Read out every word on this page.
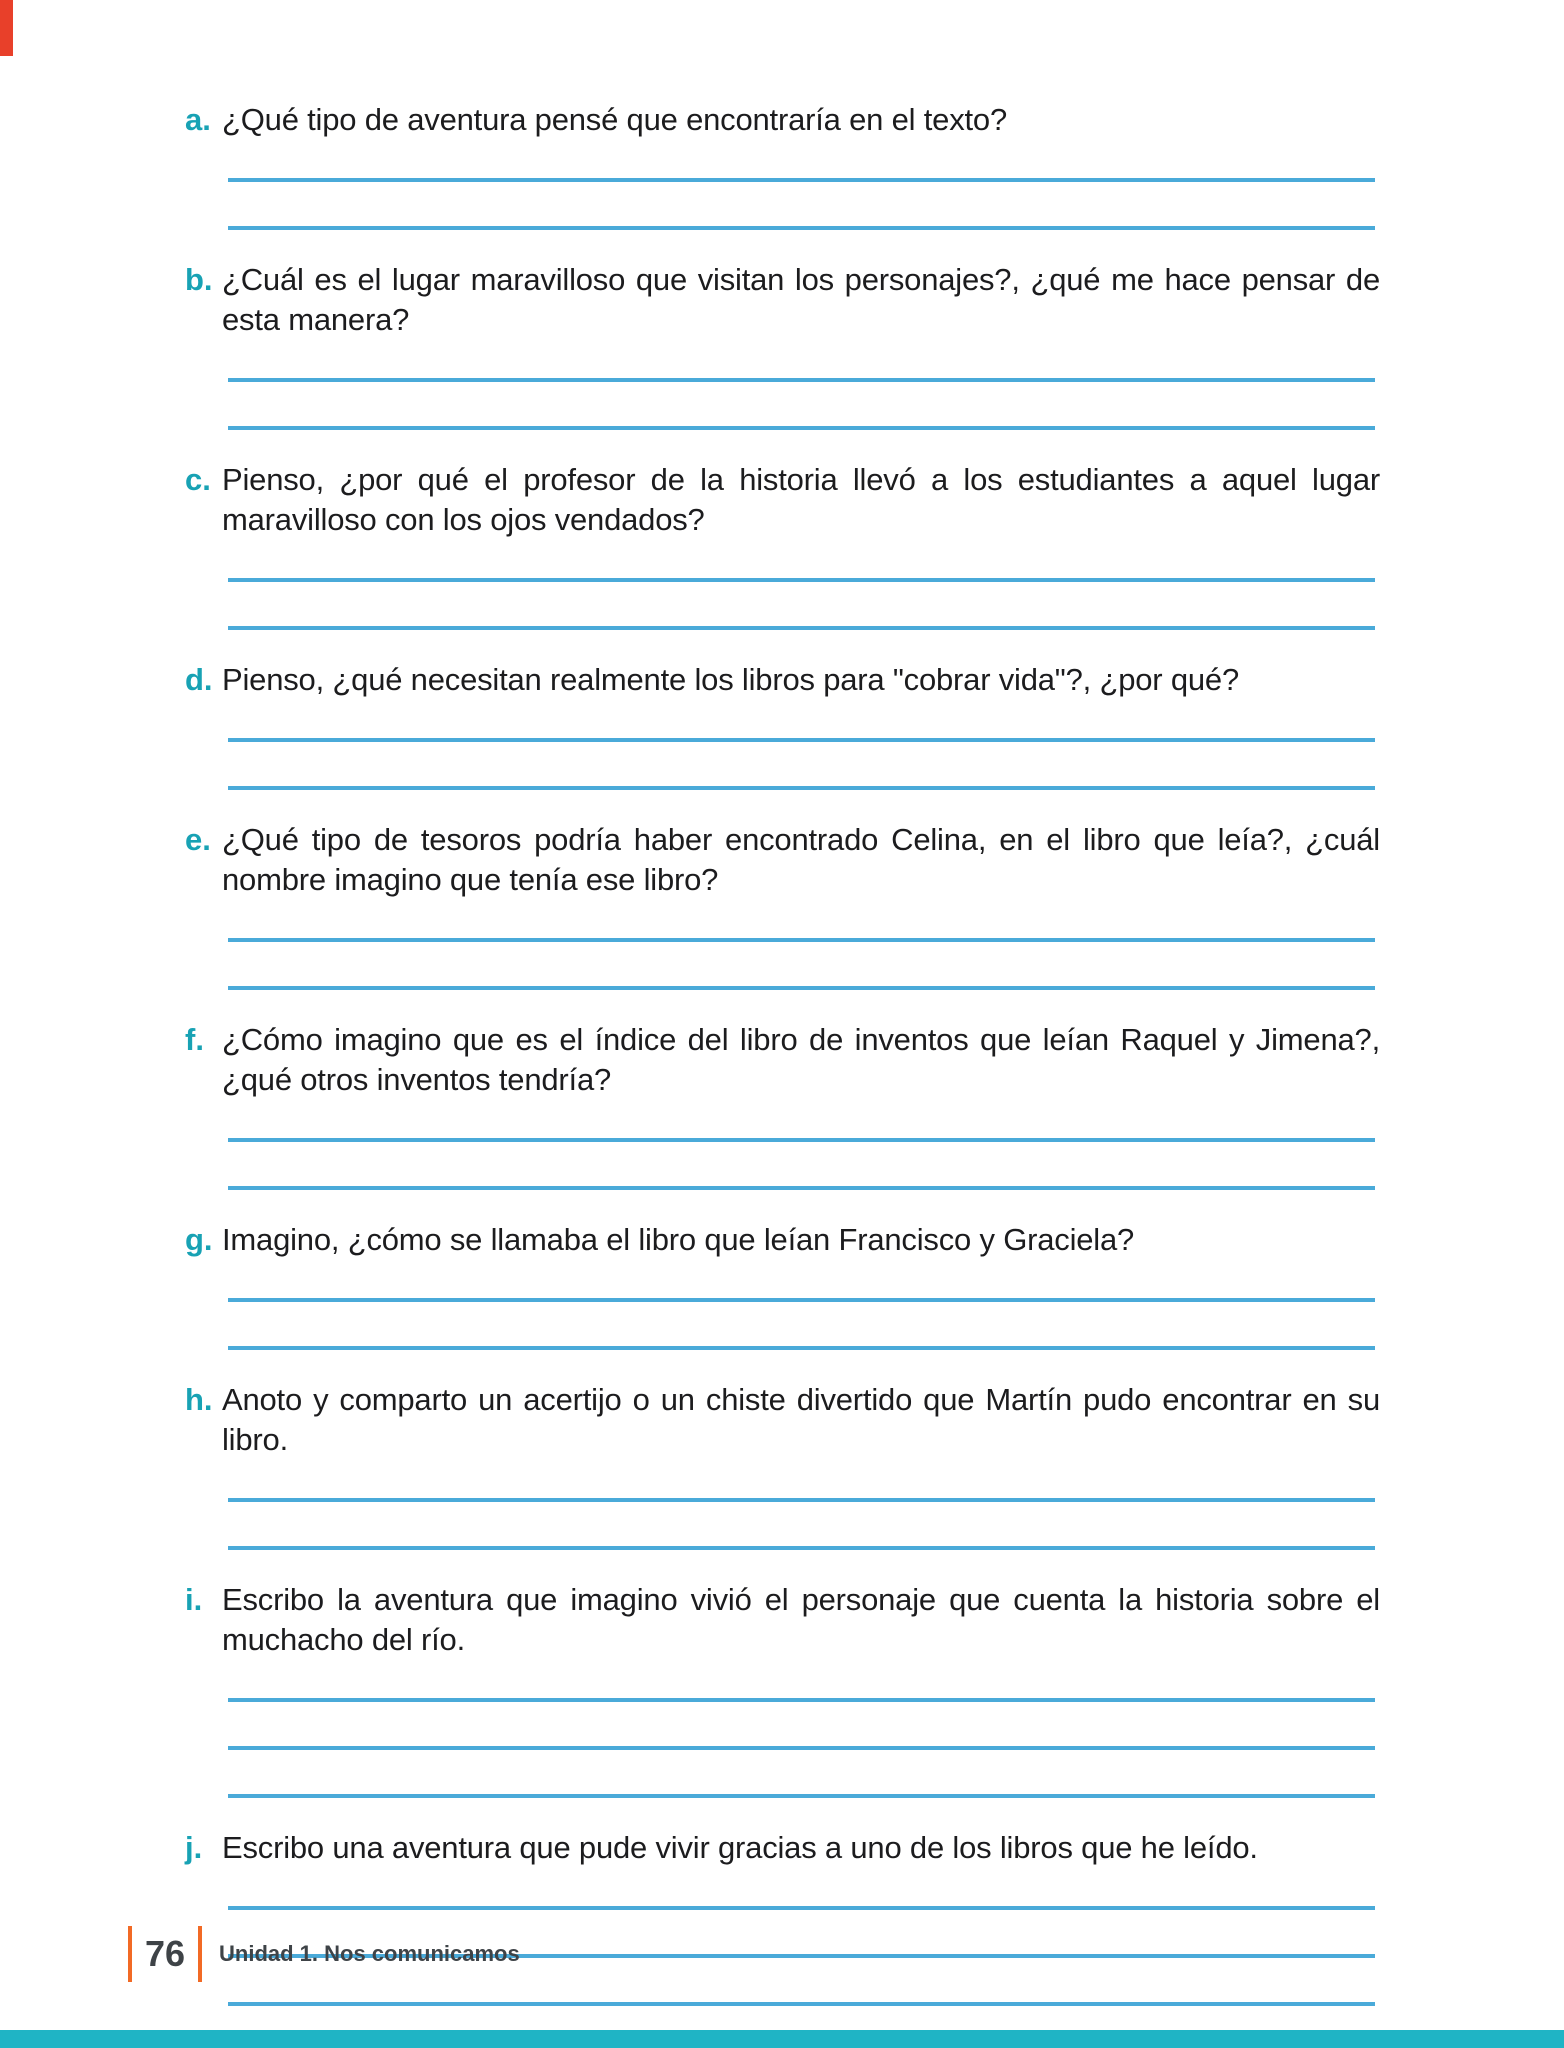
a. ¿Qué tipo de aventura pensé que encontraría en el texto?

b. ¿Cuál es el lugar maravilloso que visitan los personajes?, ¿qué me hace pensar de esta manera?

c. Pienso, ¿por qué el profesor de la historia llevó a los estudiantes a aquel lugar maravilloso con los ojos vendados?

d. Pienso, ¿qué necesitan realmente los libros para "cobrar vida"?, ¿por qué?

e. ¿Qué tipo de tesoros podría haber encontrado Celina, en el libro que leía?, ¿cuál nombre imagino que tenía ese libro?

f. ¿Cómo imagino que es el índice del libro de inventos que leían Raquel y Jimena?, ¿qué otros inventos tendría?

g. Imagino, ¿cómo se llamaba el libro que leían Francisco y Graciela?

h. Anoto y comparto un acertijo o un chiste divertido que Martín pudo encontrar en su libro.

i. Escribo la aventura que imagino vivió el personaje que cuenta la historia sobre el muchacho del río.

j. Escribo una aventura que pude vivir gracias a uno de los libros que he leído.

76	Unidad 1. Nos comunicamos
